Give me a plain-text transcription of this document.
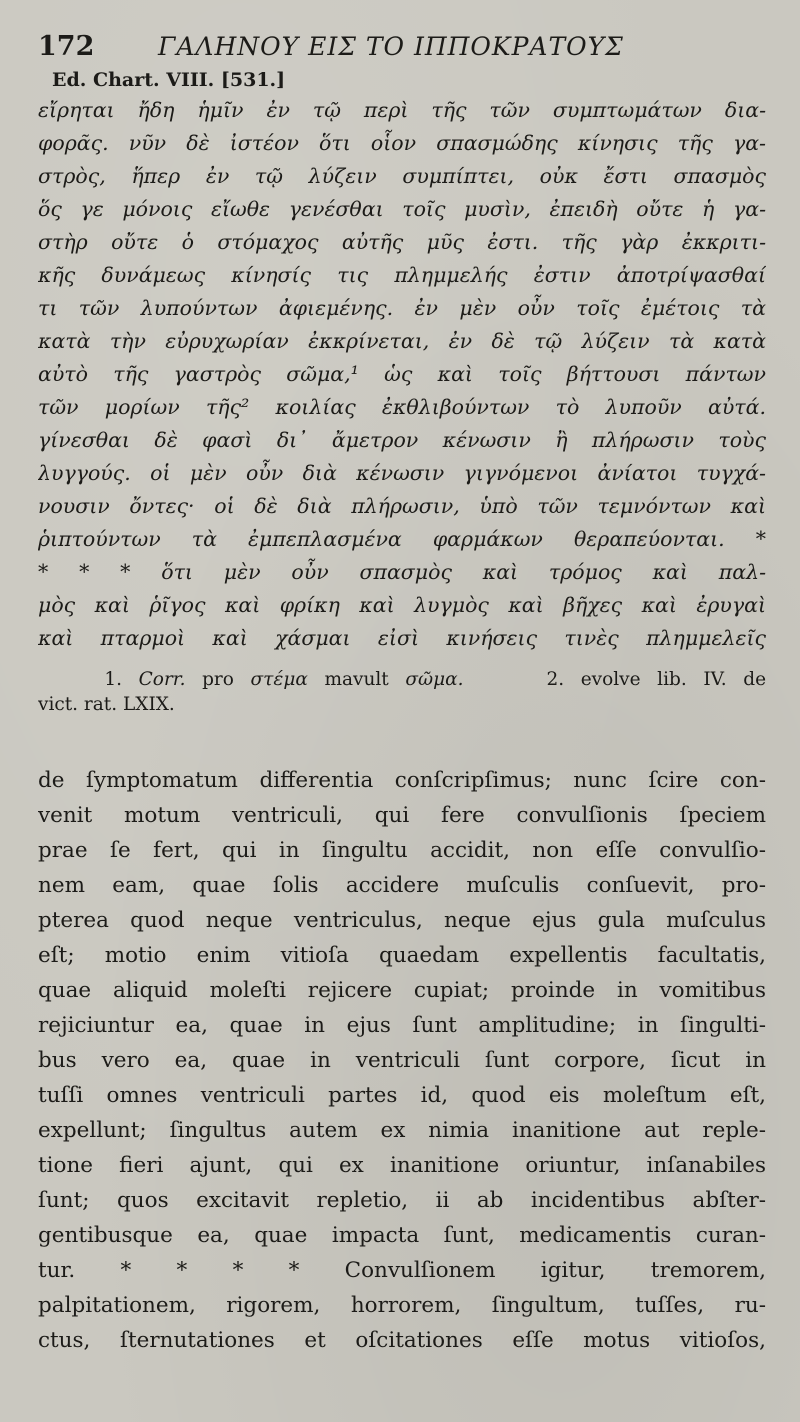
172	ΓΑΛΗΝΟΥ ΕΙΣ ΤΟ ΙΠΠΟΚΡΑΤΟΥΣ
Ed. Chart. VIII. [531.]
εἴρηται ἤδη ἡμῖν ἐν τῷ περὶ τῆς τῶν συμπτωμάτων δια-
φορᾶς. νῦν δὲ ἰστέον ὅτι οἷον σπασμώδης κίνησις τῆς γα-
στρὸς, ἥπερ ἐν τῷ λύζειν συμπίπτει, οὐκ ἔστι σπασμὸς
ὅς γε μόνοις εἴωθε γενέσθαι τοῖς μυσὶν, ἐπειδὴ οὔτε ἡ γα-
στὴρ οὔτε ὁ στόμαχος αὐτῆς μῦς ἐστι. τῆς γὰρ ἐκκριτι-
κῆς δυνάμεως κίνησίς τις πλημμελής ἐστιν ἀποτρίψασθαί
τι τῶν λυπούντων ἀφιεμένης. ἐν μὲν οὖν τοῖς ἐμέτοις τὰ
κατὰ τὴν εὐρυχωρίαν ἐκκρίνεται, ἐν δὲ τῷ λύζειν τὰ κατὰ
αὐτὸ τῆς γαστρὸς σῶμα,¹ ὡς καὶ τοῖς βήττουσι πάντων
τῶν μορίων τῆς² κοιλίας ἐκθλιβούντων τὸ λυποῦν αὐτά.
γίνεσθαι δὲ φασὶ δι᾽ ἄμετρον κένωσιν ἢ πλήρωσιν τοὺς
λυγγούς. οἱ μὲν οὖν διὰ κένωσιν γιγνόμενοι ἀνίατοι τυγχά-
νουσιν ὄντες· οἱ δὲ διὰ πλήρωσιν, ὑπὸ τῶν τεμνόντων καὶ
ῥιπτούντων τὰ ἐμπεπλασμένα φαρμάκων θεραπεύονται. *
* * * ὅτι μὲν οὖν σπασμὸς καὶ τρόμος καὶ παλ-
μὸς καὶ ῥῖγος καὶ φρίκη καὶ λυγμὸς καὶ βῆχες καὶ ἐρυγαὶ
καὶ πταρμοὶ καὶ χάσμαι εἰσὶ κινήσεις τινὲς πλημμελεῖς
1. Corr. pro στέμα mavult σῶμα.	2. evolve lib. IV. de
vict. rat. LXIX.
de ſymptomatum differentia conſcripſimus; nunc ſcire con-
venit motum ventriculi, qui fere convulſionis ſpeciem
prae ſe fert, qui in ſingultu accidit, non eſſe convulſio-
nem eam, quae ſolis accidere muſculis conſuevit, pro-
pterea quod neque ventriculus, neque ejus gula muſculus
eſt; motio enim vitioſa quaedam expellentis facultatis,
quae aliquid moleſti rejicere cupiat; proinde in vomitibus
rejiciuntur ea, quae in ejus ſunt amplitudine; in ſingulti-
bus vero ea, quae in ventriculi ſunt corpore, ſicut in
tuſſi omnes ventriculi partes id, quod eis moleſtum eſt,
expellunt; ſingultus autem ex nimia inanitione aut reple-
tione fieri ajunt, qui ex inanitione oriuntur, inſanabiles
ſunt; quos excitavit repletio, ii ab incidentibus abſter-
gentibusque ea, quae impacta ſunt, medicamentis curan-
tur. * * * * Convulſionem igitur, tremorem,
palpitationem, rigorem, horrorem, ſingultum, tuſſes, ru-
ctus, ſternutationes et oſcitationes eſſe motus vitioſos,
